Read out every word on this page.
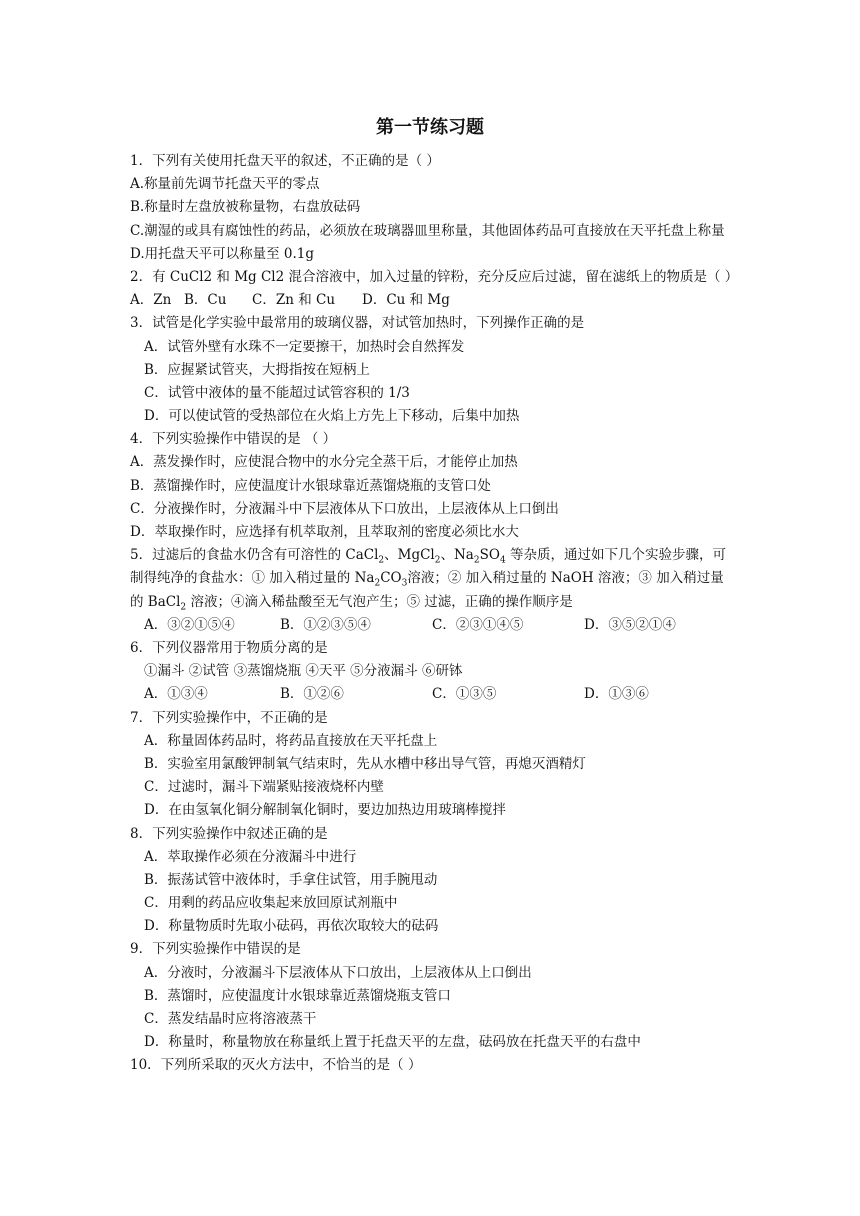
第一节练习题
1．下列有关使用托盘天平的叙述，不正确的是（ ）
A.称量前先调节托盘天平的零点
B.称量时左盘放被称量物，右盘放砝码
C.潮湿的或具有腐蚀性的药品，必须放在玻璃器皿里称量，其他固体药品可直接放在天平托盘上称量
D.用托盘天平可以称量至 0.1g
2．有 CuCl2 和 Mg Cl2 混合溶液中，加入过量的锌粉，充分反应后过滤，留在滤纸上的物质是（ ）
A．Zn B．Cu	C．Zn 和 Cu	D．Cu 和 Mg
3．试管是化学实验中最常用的玻璃仪器，对试管加热时，下列操作正确的是
A．试管外壁有水珠不一定要擦干，加热时会自然挥发
B．应握紧试管夹，大拇指按在短柄上
C．试管中液体的量不能超过试管容积的 1/3
D．可以使试管的受热部位在火焰上方先上下移动，后集中加热
4．下列实验操作中错误的是 （ ）
A．蒸发操作时，应使混合物中的水分完全蒸干后，才能停止加热
B．蒸馏操作时，应使温度计水银球靠近蒸馏烧瓶的支管口处
C．分液操作时，分液漏斗中下层液体从下口放出，上层液体从上口倒出
D．萃取操作时，应选择有机萃取剂，且萃取剂的密度必须比水大
5．过滤后的食盐水仍含有可溶性的 CaCl$_2$、MgCl$_2$、$Na_2SO_4$ 等杂质，通过如下几个实验步骤，可制得纯净的食盐水：① 加入稍过量的 $Na_2CO_3$溶液；② 加入稍过量的 NaOH 溶液；③ 加入稍过量的 BaCl$_2$ 溶液；④滴入稀盐酸至无气泡产生；⑤ 过滤，正确的操作顺序是
A．③②①⑤④	B．①②③⑤④	C．②③①④⑤	D．③⑤②①④
6．下列仪器常用于物质分离的是
①漏斗 ②试管 ③蒸馏烧瓶 ④天平 ⑤分液漏斗 ⑥研钵
A．①③④	B．①②⑥	C．①③⑤	D．①③⑥
7．下列实验操作中，不正确的是
A．称量固体药品时，将药品直接放在天平托盘上
B．实验室用氯酸钾制氧气结束时，先从水槽中移出导气管，再熄灭酒精灯
C．过滤时，漏斗下端紧贴接液烧杯内壁
D．在由氢氧化铜分解制氧化铜时，要边加热边用玻璃棒搅拌
8．下列实验操作中叙述正确的是
A．萃取操作必须在分液漏斗中进行
B．振荡试管中液体时，手拿住试管，用手腕甩动
C．用剩的药品应收集起来放回原试剂瓶中
D．称量物质时先取小砝码，再依次取较大的砝码
9．下列实验操作中错误的是
A．分液时，分液漏斗下层液体从下口放出，上层液体从上口倒出
B．蒸馏时，应使温度计水银球靠近蒸馏烧瓶支管口
C．蒸发结晶时应将溶液蒸干
D．称量时，称量物放在称量纸上置于托盘天平的左盘，砝码放在托盘天平的右盘中
10．下列所采取的灭火方法中，不恰当的是（ ）
